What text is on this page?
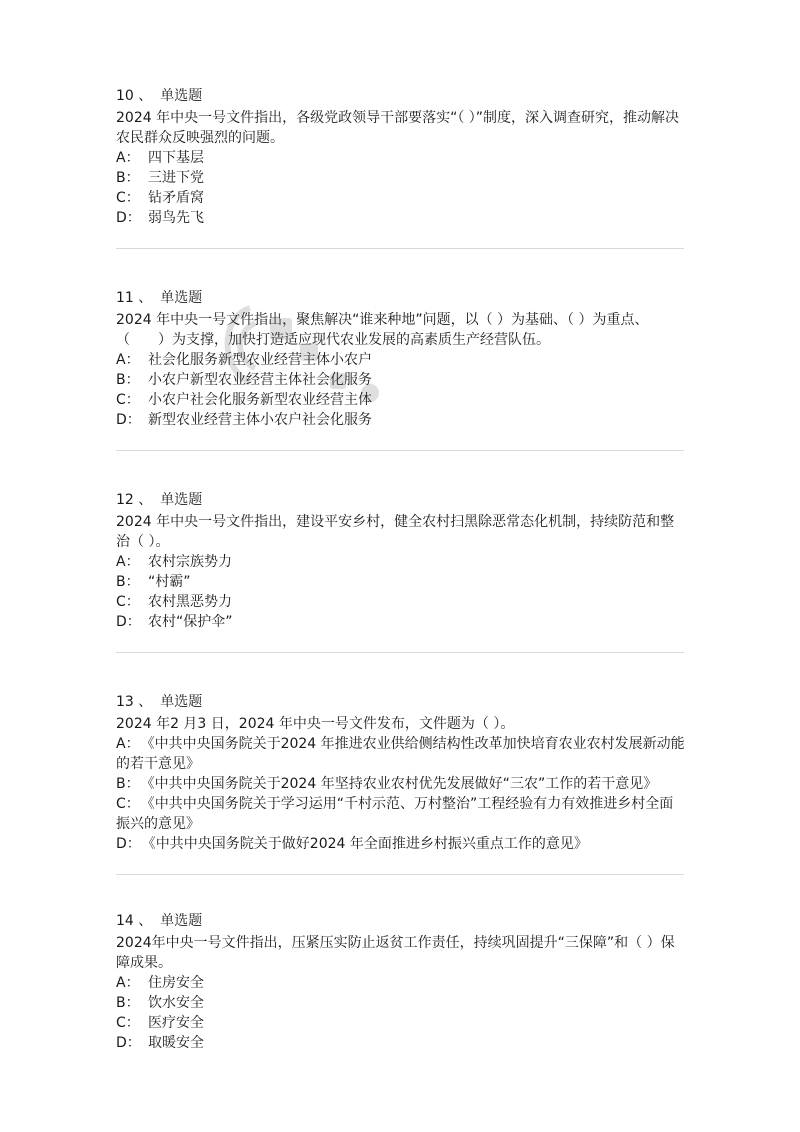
10 、 单选题
2024 年中央一号文件指出，各级党政领导干部要落实“（ ）”制度，深入调查研究，推动解决农民群众反映强烈的问题。
A： 四下基层
B： 三进下党
C： 钻矛盾窝
D： 弱鸟先飞
11 、 单选题
2024 年中央一号文件指出，聚焦解决“谁来种地”问题，以（ ）为基础、（ ）为重点、（　　）为支撑，加快打造适应现代农业发展的高素质生产经营队伍。
A： 社会化服务新型农业经营主体小农户
B： 小农户新型农业经营主体社会化服务
C： 小农户社会化服务新型农业经营主体
D： 新型农业经营主体小农户社会化服务
12 、 单选题
2024 年中央一号文件指出，建设平安乡村，健全农村扫黑除恶常态化机制，持续防范和整治（ ）。
A： 农村宗族势力
B： “村霸”
C： 农村黑恶势力
D： 农村“保护伞”
13 、 单选题
2024 年2 月3 日，2024 年中央一号文件发布，文件题为（ ）。
A： 《中共中央国务院关于2024 年推进农业供给侧结构性改革加快培育农业农村发展新动能的若干意见》
B： 《中共中央国务院关于2024 年坚持农业农村优先发展做好“三农”工作的若干意见》
C： 《中共中央国务院关于学习运用“千村示范、万村整治”工程经验有力有效推进乡村全面振兴的意见》
D： 《中共中央国务院关于做好2024 年全面推进乡村振兴重点工作的意见》
14 、 单选题
2024年中央一号文件指出，压紧压实防止返贫工作责任，持续巩固提升“三保障”和（ ）保障成果。
A： 住房安全
B： 饮水安全
C： 医疗安全
D： 取暖安全
